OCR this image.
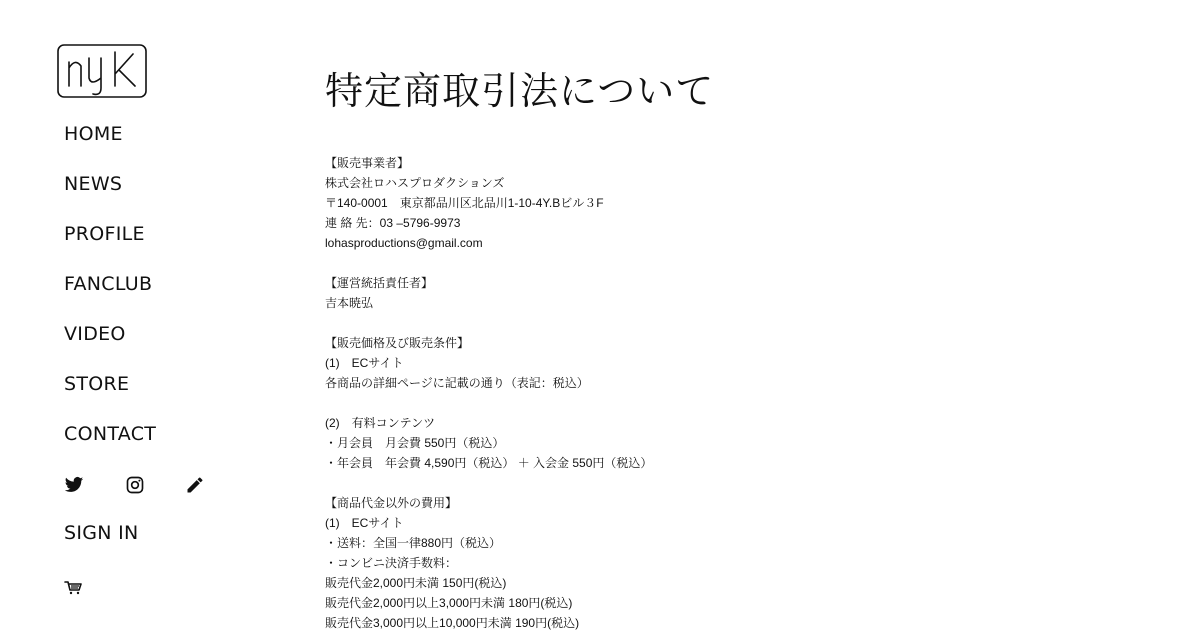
HOME
NEWS
PROFILE
FANCLUB
VIDEO
STORE
CONTACT
SIGN IN
特定商取引法について
【販売事業者】
株式会社ロハスプロダクションズ
〒140-0001　東京都品川区北品川1-10-4Y.Bビル３F
連 絡 先：03 –5796-9973
lohasproductions@gmail.com
【運営統括責任者】
吉本暁弘
【販売価格及び販売条件】
(1)　ECサイト
各商品の詳細ページに記載の通り（表記：税込）
(2)　有料コンテンツ
・月会員　月会費 550円（税込）
・年会員　年会費 4,590円（税込） ＋ 入会金 550円（税込）
【商品代金以外の費用】
(1)　ECサイト
・送料：全国一律880円（税込）
・コンビニ決済手数料：
販売代金2,000円未満 150円(税込)
販売代金2,000円以上3,000円未満 180円(税込)
販売代金3,000円以上10,000円未満 190円(税込)
